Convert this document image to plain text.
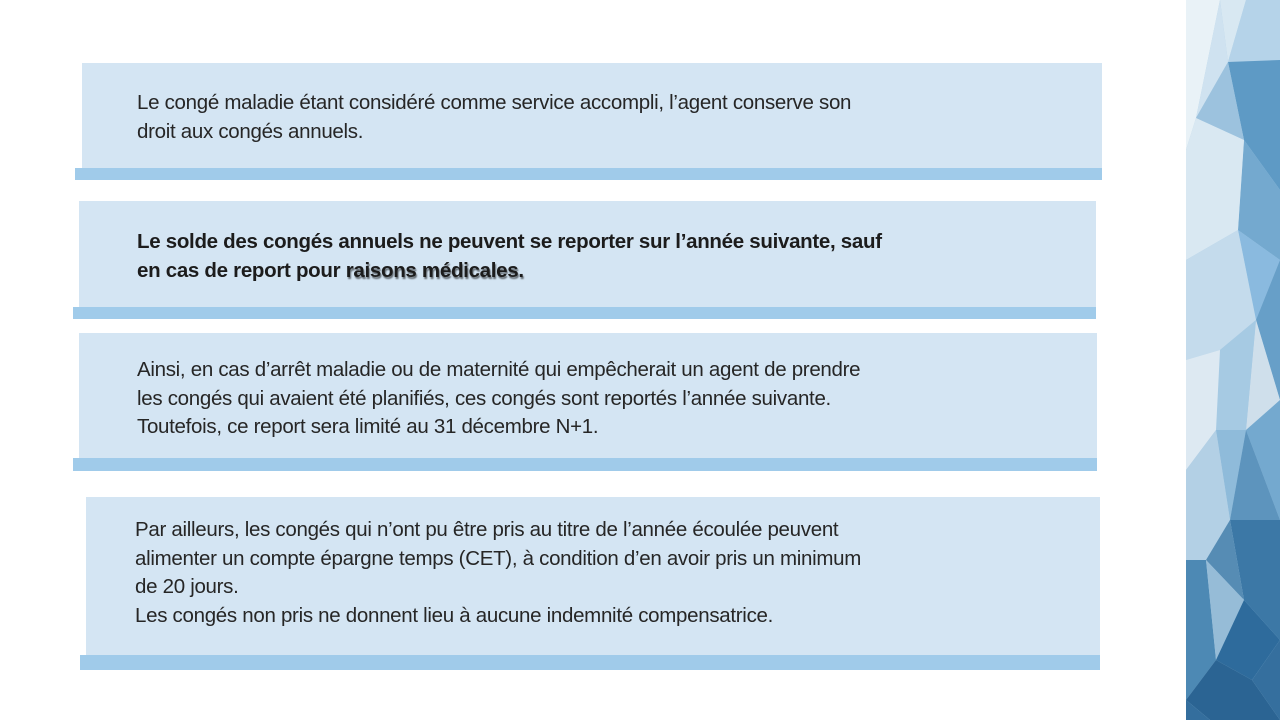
Le congé maladie étant considéré comme service accompli, l’agent conserve son
droit aux congés annuels.
Le solde des congés annuels ne peuvent se reporter sur l’année suivante, sauf
en cas de report pour raisons médicales.
Ainsi, en cas d’arrêt maladie ou de maternité qui empêcherait un agent de prendre
les congés qui avaient été planifiés, ces congés sont reportés l’année suivante.
Toutefois, ce report sera limité au 31 décembre N+1.
Par ailleurs, les congés qui n’ont pu être pris au titre de l’année écoulée peuvent
alimenter un compte épargne temps (CET), à condition d’en avoir pris un minimum
de 20 jours.
Les congés non pris ne donnent lieu à aucune indemnité compensatrice.
